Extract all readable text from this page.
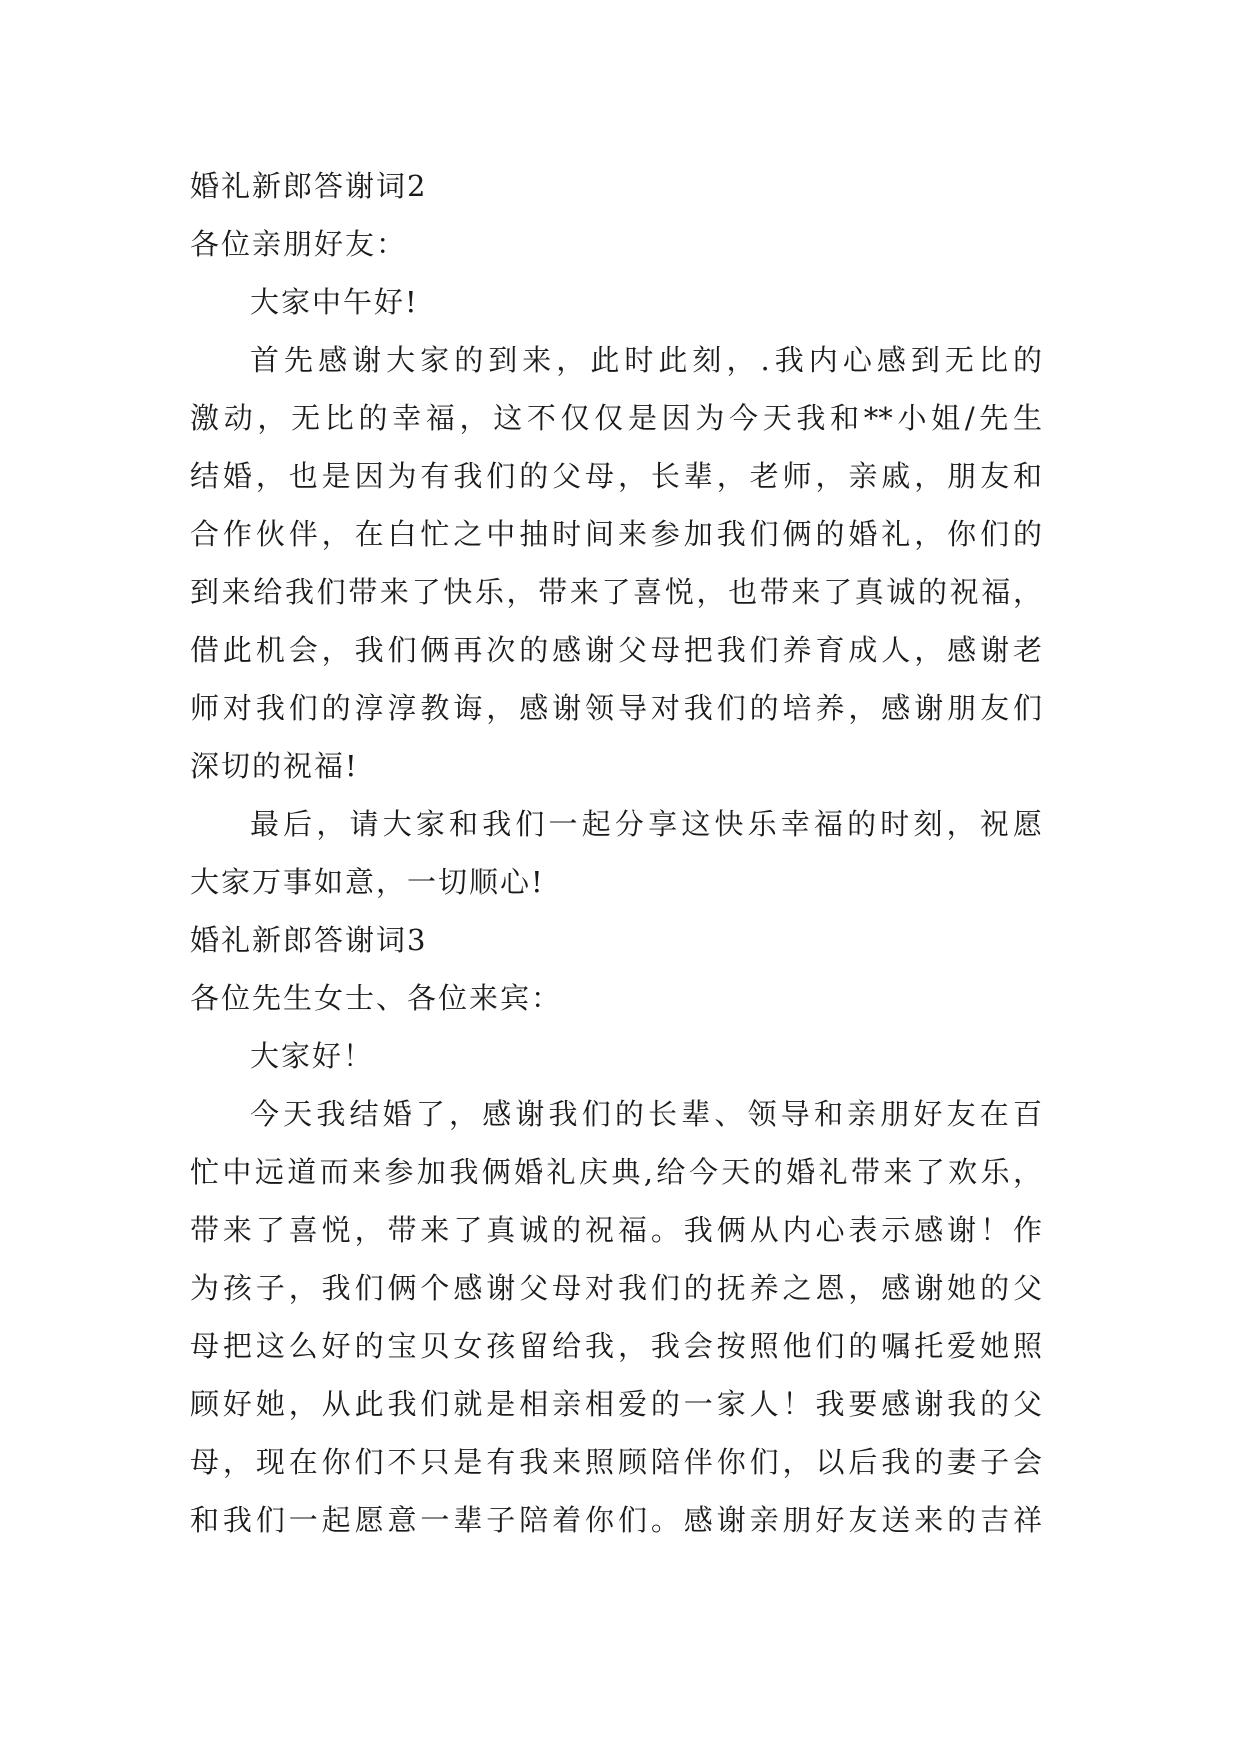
婚礼新郎答谢词2
各位亲朋好友：
大家中午好!
首先感谢大家的到来，此时此刻，.我内心感到无比的
激动，无比的幸福，这不仅仅是因为今天我和**小姐/先生
结婚，也是因为有我们的父母，长辈，老师，亲戚，朋友和
合作伙伴，在白忙之中抽时间来参加我们俩的婚礼，你们的
到来给我们带来了快乐，带来了喜悦，也带来了真诚的祝福，
借此机会，我们俩再次的感谢父母把我们养育成人，感谢老
师对我们的淳淳教诲，感谢领导对我们的培养，感谢朋友们
深切的祝福!
最后，请大家和我们一起分享这快乐幸福的时刻，祝愿
大家万事如意，一切顺心!
婚礼新郎答谢词3
各位先生女士、各位来宾：
大家好！
今天我结婚了，感谢我们的长辈、领导和亲朋好友在百
忙中远道而来参加我俩婚礼庆典,给今天的婚礼带来了欢乐，
带来了喜悦，带来了真诚的祝福。我俩从内心表示感谢！作
为孩子，我们俩个感谢父母对我们的抚养之恩，感谢她的父
母把这么好的宝贝女孩留给我，我会按照他们的嘱托爱她照
顾好她，从此我们就是相亲相爱的一家人！我要感谢我的父
母，现在你们不只是有我来照顾陪伴你们，以后我的妻子会
和我们一起愿意一辈子陪着你们。感谢亲朋好友送来的吉祥
